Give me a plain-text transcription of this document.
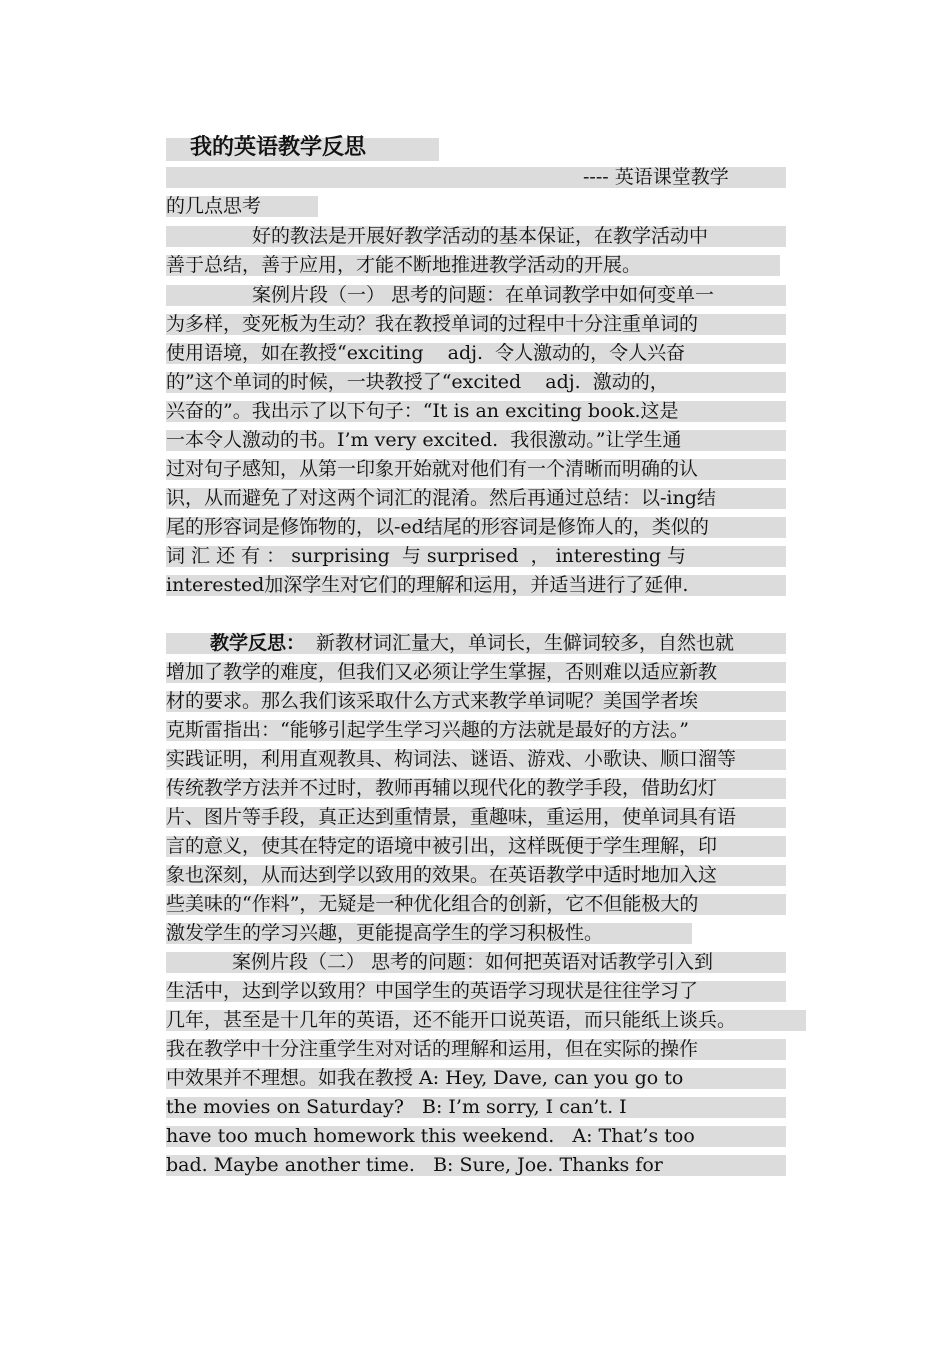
我的英语教学反思
---- 英语课堂教学
的几点思考
好的教法是开展好教学活动的基本保证，在教学活动中
善于总结，善于应用，才能不断地推进教学活动的开展。
案例片段（一） 思考的问题：在单词教学中如何变单一
为多样，变死板为生动？我在教授单词的过程中十分注重单词的
使用语境，如在教授“exciting    adj.  令人激动的，令人兴奋
的”这个单词的时候，一块教授了“excited    adj.  激动的，
兴奋的”。我出示了以下句子：“It is an exciting book.这是
一本令人激动的书。I’m very excited.  我很激动。”让学生通
过对句子感知，从第一印象开始就对他们有一个清晰而明确的认
识，从而避免了对这两个词汇的混淆。然后再通过总结：以-ing结
尾的形容词是修饰物的，以-ed结尾的形容词是修饰人的，类似的
词 汇 还 有 ： surprising  与 surprised  ， interesting 与
interested加深学生对它们的理解和运用，并适当进行了延伸.
教学反思： 新教材词汇量大，单词长，生僻词较多，自然也就
增加了教学的难度，但我们又必须让学生掌握，否则难以适应新教
材的要求。那么我们该采取什么方式来教学单词呢？美国学者埃
克斯雷指出：“能够引起学生学习兴趣的方法就是最好的方法。”
实践证明，利用直观教具、构词法、谜语、游戏、小歌诀、顺口溜等
传统教学方法并不过时，教师再辅以现代化的教学手段，借助幻灯
片、图片等手段，真正达到重情景，重趣味，重运用，使单词具有语
言的意义，使其在特定的语境中被引出，这样既便于学生理解，印
象也深刻，从而达到学以致用的效果。在英语教学中适时地加入这
些美味的“作料”，无疑是一种优化组合的创新，它不但能极大的
激发学生的学习兴趣，更能提高学生的学习积极性。
案例片段（二） 思考的问题：如何把英语对话教学引入到
生活中，达到学以致用？中国学生的英语学习现状是往往学习了
几年，甚至是十几年的英语，还不能开口说英语，而只能纸上谈兵。
我在教学中十分注重学生对对话的理解和运用，但在实际的操作
中效果并不理想。如我在教授 A: Hey, Dave, can you go to
the movies on Saturday?   B: I’m sorry, I can’t. I
have too much homework this weekend.   A: That’s too
bad. Maybe another time.   B: Sure, Joe. Thanks for
